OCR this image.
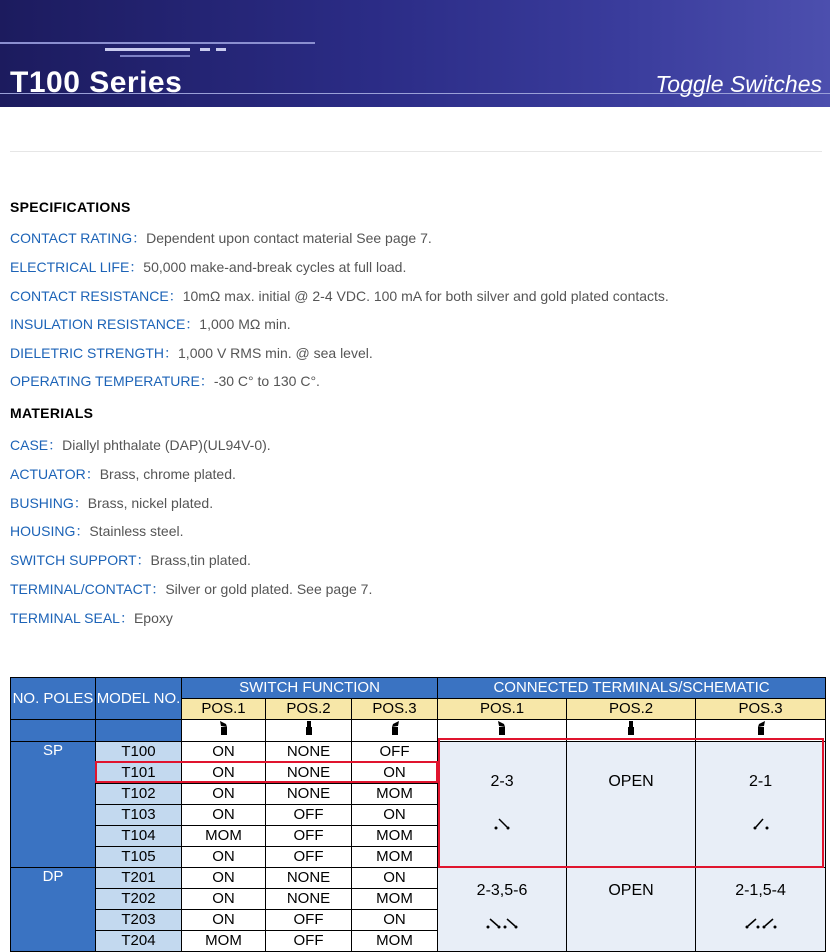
T100 Series	Toggle Switches
SPECIFICATIONS
CONTACT RATING：Dependent upon contact material See page 7.
ELECTRICAL LIFE：50,000 make-and-break cycles at full load.
CONTACT RESISTANCE：10mΩ max. initial @ 2-4 VDC. 100 mA for both silver and gold plated contacts.
INSULATION RESISTANCE：1,000 MΩ min.
DIELETRIC STRENGTH：1,000 V RMS min. @ sea level.
OPERATING TEMPERATURE：-30 C° to 130 C°.
MATERIALS
CASE：Diallyl phthalate (DAP)(UL94V-0).
ACTUATOR：Brass, chrome plated.
BUSHING：Brass, nickel plated.
HOUSING：Stainless steel.
SWITCH SUPPORT：Brass,tin plated.
TERMINAL/CONTACT：Silver or gold plated. See page 7.
TERMINAL SEAL：Epoxy
NO. POLES	MODEL NO.	SWITCH FUNCTION			CONNECTED TERMINALS/SCHEMATIC		
		POS.1	POS.2	POS.3	POS.1	POS.2	POS.3

SP	T100	ON	NONE	OFF	2-3	OPEN	2-1

	T101	ON	NONE	ON			
	T102	ON	NONE	MOM			
	T103	ON	OFF	ON			
	T104	MOM	OFF	MOM			
	T105	ON	OFF	MOM			
DP	T201	ON	NONE	ON	2-3,5-6	OPEN	2-1,5-4

	T202	ON	NONE	MOM			
	T203	ON	OFF	ON			
	T204	MOM	OFF	MOM			
